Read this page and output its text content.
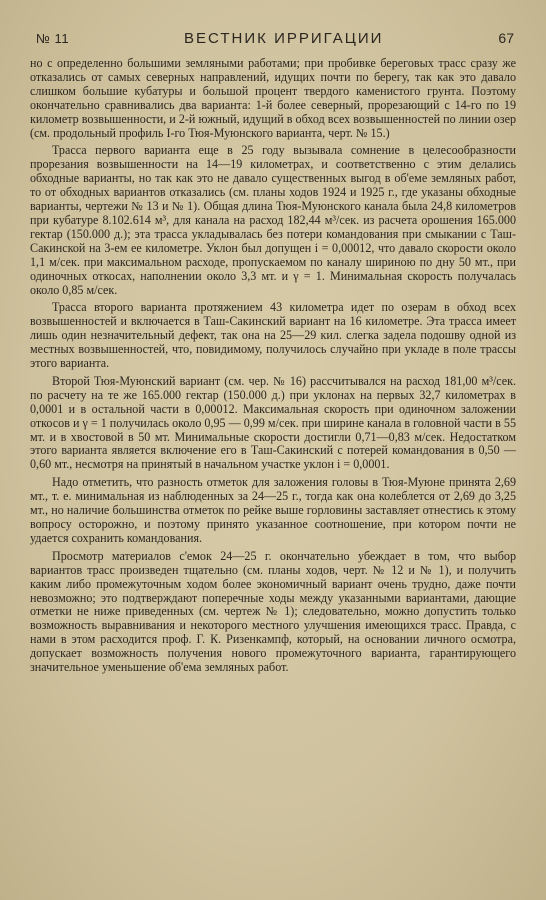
№ 11	ВЕСТНИК ИРРИГАЦИИ	67

но с определенно большими земляными работами; при пробивке береговых трасс сразу же отказались от самых северных направлений, идущих почти по берегу, так как это давало слишком большие кубатуры и большой процент твердого каменистого грунта. Поэтому окончательно сравнивались два варианта: 1-й более северный, прорезающий с 14-го по 19 километр возвышенности, и 2-й южный, идущий в обход всех возвышенностей по линии озер (см. продольный профиль I-го Тюя-Муюнского варианта, черт. № 15.)

Трасса первого варианта еще в 25 году вызывала сомнение в целесообразности прорезания возвышенности на 14—19 километрах, и соответственно с этим делались обходные варианты, но так как это не давало существенных выгод в об'еме земляных работ, то от обходных вариантов отказались (см. планы ходов 1924 и 1925 г., где указаны обходные варианты, чертежи № 13 и № 1). Общая длина Тюя-Муюнского канала была 24,8 километров при кубатуре 8.102.614 м³, для канала на расход 182,44 м³/сек. из расчета орошения 165.000 гектар (150.000 д.); эта трасса укладывалась без потери командования при смыкании с Таш-Сакинской на 3-ем ее километре. Уклон был допущен i = 0,00012, что давало скорости около 1,1 м/сек. при максимальном расходе, пропускаемом по каналу шириною по дну 50 мт., при одиночных откосах, наполнении около 3,3 мт. и γ = 1. Минимальная скорость получалась около 0,85 м/сек.

Трасса второго варианта протяжением 43 километра идет по озерам в обход всех возвышенностей и включается в Таш-Сакинский вариант на 16 километре. Эта трасса имеет лишь один незначительный дефект, так она на 25—29 кил. слегка задела подошву одной из местных возвышенностей, что, повидимому, получилось случайно при укладе в поле трассы этого варианта.

Второй Тюя-Муюнский вариант (см. чер. № 16) рассчитывался на расход 181,00 м³/сек. по расчету на те же 165.000 гектар (150.000 д.) при уклонах на первых 32,7 километрах в 0,0001 и в остальной части в 0,00012. Максимальная скорость при одиночном заложении откосов и γ = 1 получилась около 0,95 — 0,99 м/сек. при ширине канала в головной части в 55 мт. и в хвостовой в 50 мт. Минимальные скорости достигли 0,71—0,83 м/сек. Недостатком этого варианта является включение его в Таш-Сакинский с потерей командования в 0,50 —0,60 мт., несмотря на принятый в начальном участке уклон i = 0,0001.

Надо отметить, что разность отметок для заложения головы в Тюя-Муюне принята 2,69 мт., т. е. минимальная из наблюденных за 24—25 г., тогда как она колеблется от 2,69 до 3,25 мт., но наличие большинства отметок по рейке выше горловины заставляет отнестись к этому вопросу осторожно, и поэтому принято указанное соотношение, при котором почти не удается сохранить командования.

Просмотр материалов с'емок 24—25 г. окончательно убеждает в том, что выбор вариантов трасс произведен тщательно (см. планы ходов, черт. № 12 и № 1), и получить каким либо промежуточным ходом более экономичный вариант очень трудно, даже почти невозможно; это подтверждают поперечные ходы между указанными вариантами, дающие отметки не ниже приведенных (см. чертеж № 1); следовательно, можно допустить только возможность выравнивания и некоторого местного улучшения имеющихся трасс. Правда, с нами в этом расходится проф. Г. К. Ризенкампф, который, на основании личного осмотра, допускает возможность получения нового промежуточного варианта, гарантирующего значительное уменьшение об'ема земляных работ.
